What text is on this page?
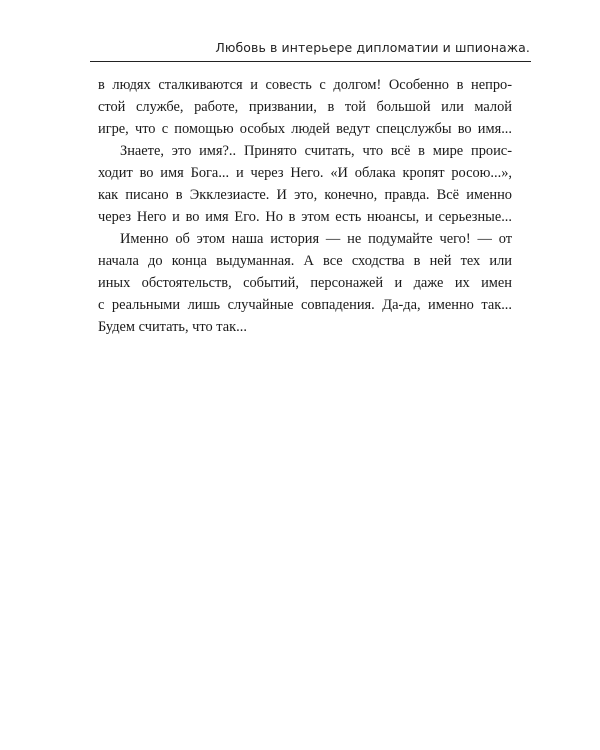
Любовь в интерьере дипломатии и шпионажа.
в людях сталкиваются и совесть с долгом! Особенно в непро-
стой службе, работе, призвании, в той большой или малой
игре, что с помощью особых людей ведут спецслужбы во имя...
Знаете, это имя?.. Принято считать, что всё в мире проис-
ходит во имя Бога... и через Него. «И облака кропят росою...»,
как писано в Экклезиасте. И это, конечно, правда. Всё именно
через Него и во имя Его. Но в этом есть нюансы, и серьезные...
Именно об этом наша история — не подумайте чего! — от
начала до конца выдуманная. А все сходства в ней тех или
иных обстоятельств, событий, персонажей и даже их имен
с реальными лишь случайные совпадения. Да-да, именно так...
Будем считать, что так...
